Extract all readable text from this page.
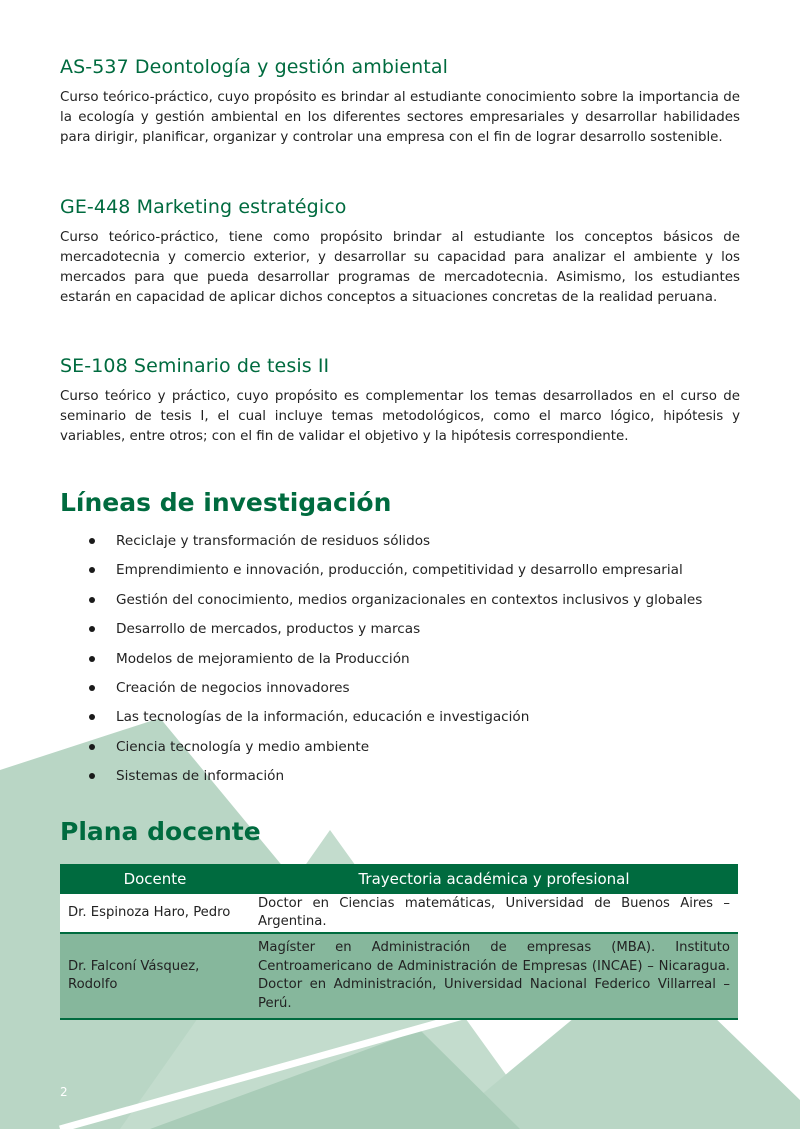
AS-537 Deontología y gestión ambiental

Curso teórico-práctico, cuyo propósito es brindar al estudiante conocimiento sobre la importancia de la ecología y gestión ambiental en los diferentes sectores empresariales y desarrollar habilidades para dirigir, planificar, organizar y controlar una empresa con el fin de lograr desarrollo sostenible.

GE-448 Marketing estratégico

Curso teórico-práctico, tiene como propósito brindar al estudiante los conceptos básicos de mercadotecnia y comercio exterior, y desarrollar su capacidad para analizar el ambiente y los mercados para que pueda desarrollar programas de mercadotecnia. Asimismo, los estudiantes estarán en capacidad de aplicar dichos conceptos a situaciones concretas de la realidad peruana.

SE-108 Seminario de tesis II

Curso teórico y práctico, cuyo propósito es complementar los temas desarrollados en el curso de seminario de tesis I, el cual incluye temas metodológicos, como el marco lógico, hipótesis y variables, entre otros; con el fin de validar el objetivo y la hipótesis correspondiente.

Líneas de investigación
Reciclaje y transformación de residuos sólidos
Emprendimiento e innovación, producción, competitividad y desarrollo empresarial
Gestión del conocimiento, medios organizacionales en contextos inclusivos y globales
Desarrollo de mercados, productos y marcas
Modelos de mejoramiento de la Producción
Creación de negocios innovadores
Las tecnologías de la información, educación e investigación
Ciencia tecnología y medio ambiente
Sistemas de información
Plana docente
Docente	Trayectoria académica y profesional
Dr. Espinoza Haro, Pedro	Doctor en Ciencias matemáticas, Universidad de Buenos Aires – Argentina.
Dr. Falconí Vásquez, Rodolfo	Magíster en Administración de empresas (MBA). Instituto Centroamericano de Administración de Empresas (INCAE) – Nicaragua. Doctor en Administración, Universidad Nacional Federico Villarreal – Perú.
2
